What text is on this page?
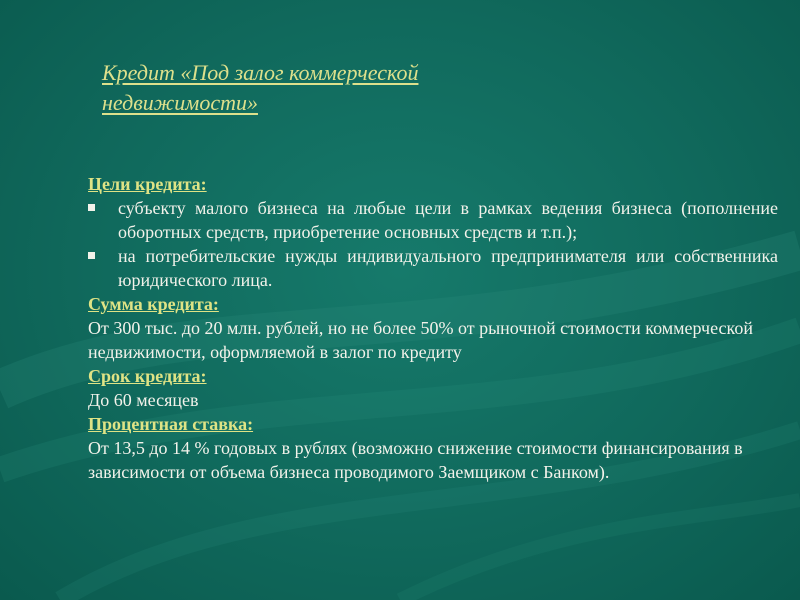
Кредит «Под залог коммерческой недвижимости»

Цели кредита:

субъекту малого бизнеса на любые цели в рамках ведения бизнеса (пополнение оборотных средств, приобретение основных средств и т.п.);
на потребительские нужды индивидуального предпринимателя или собственника юридического лица.

Сумма кредита:

От 300 тыс. до 20 млн. рублей, но не более 50% от рыночной стоимости коммерческой недвижимости, оформляемой в залог по кредиту

Срок кредита:

До 60 месяцев

Процентная ставка:

От 13,5 до 14 % годовых в рублях (возможно снижение стоимости финансирования в зависимости от объема бизнеса проводимого Заемщиком с Банком).
